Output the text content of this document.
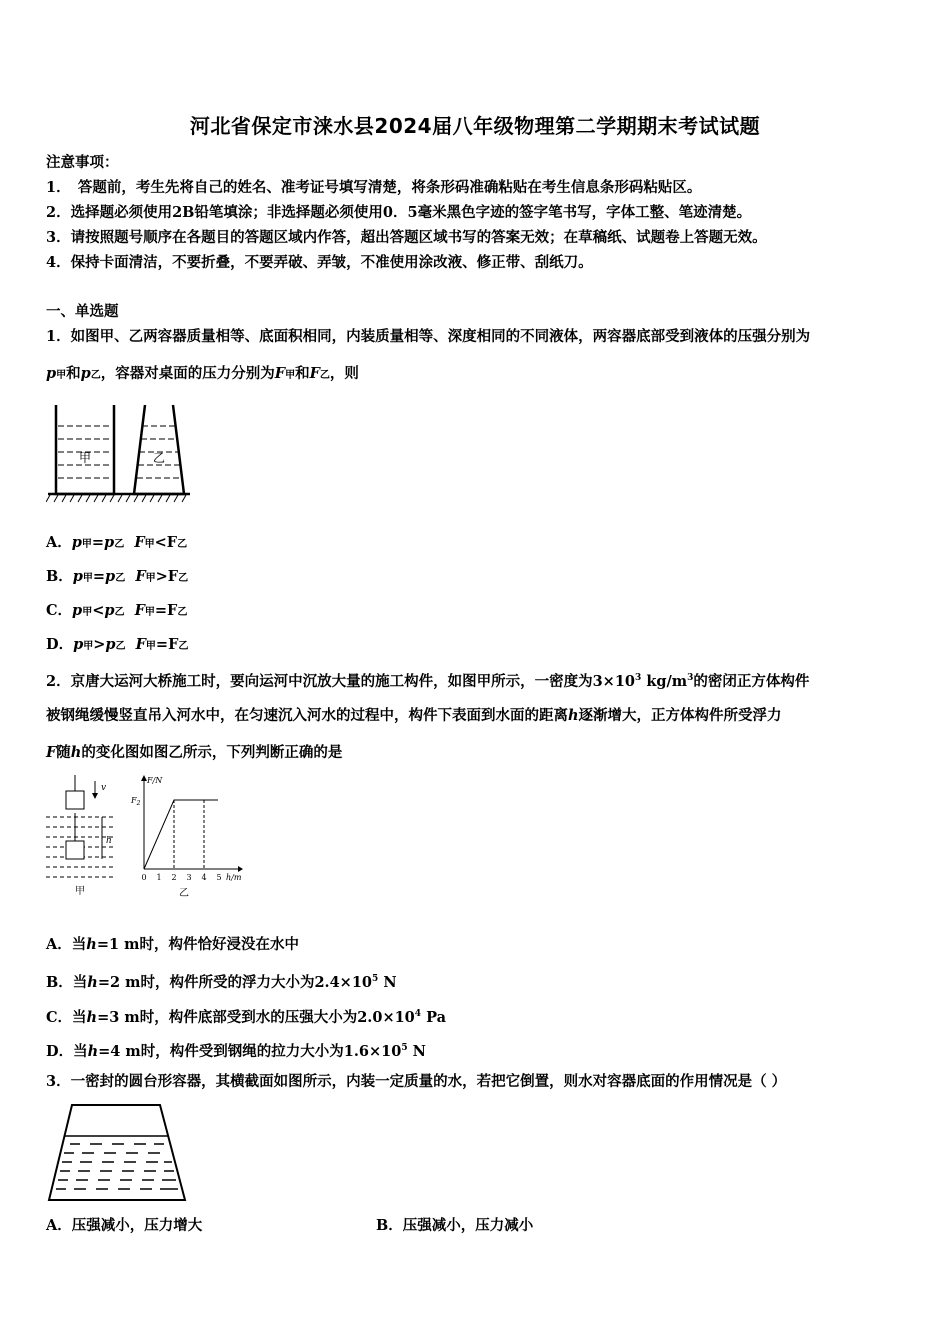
河北省保定市涞水县2024届八年级物理第二学期期末考试试题
注意事项：
1．　答题前，考生先将自己的姓名、准考证号填写清楚，将条形码准确粘贴在考生信息条形码粘贴区。
2．选择题必须使用2B铅笔填涂；非选择题必须使用0．5毫米黑色字迹的签字笔书写，字体工整、笔迹清楚。
3．请按照题号顺序在各题目的答题区域内作答，超出答题区域书写的答案无效；在草稿纸、试题卷上答题无效。
4．保持卡面清洁，不要折叠，不要弄破、弄皱，不准使用涂改液、修正带、刮纸刀。
一、单选题
1．如图甲、乙两容器质量相等、底面积相同，内装质量相等、深度相同的不同液体，两容器底部受到液体的压强分别为
p甲和p乙，容器对桌面的压力分别为F甲和F乙，则
甲	乙
A．p甲=p乙 F甲<F乙
B．p甲=p乙 F甲>F乙
C．p甲<p乙 F甲=F乙
D．p甲>p乙 F甲=F乙
2．京唐大运河大桥施工时，要向运河中沉放大量的施工构件，如图甲所示，一密度为$3\times 10^3$ $kg/m^3$的密闭正方体构件
被钢绳缓慢竖直吊入河水中，在匀速沉入河水的过程中，构件下表面到水面的距离h逐渐增大，正方体构件所受浮力
F随h的变化图如图乙所示，下列判断正确的是
v
h
甲
F/N
$F_2$
0 1 2 3 4 5 h/m
乙
A．当h=1 m时，构件恰好浸没在水中
B．当h=2 m时，构件所受的浮力大小为$2.4\times 10^5$ N
C．当h=3 m时，构件底部受到水的压强大小为$2.0\times 10^4$ Pa
D．当h=4 m时，构件受到钢绳的拉力大小为$1.6\times 10^5$ N
3．一密封的圆台形容器，其横截面如图所示，内装一定质量的水，若把它倒置，则水对容器底面的作用情况是（ ）
A．压强减小，压力增大	B．压强减小，压力减小
